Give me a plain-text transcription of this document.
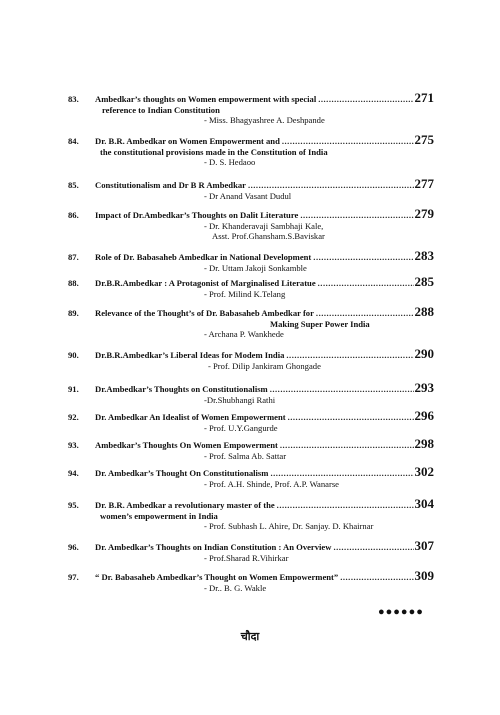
83.	Ambedkar’s thoughts on Women empowerment with special .....	271
reference to Indian Constitution
- Miss. Bhagyashree A. Deshpande
84.	Dr. B.R. Ambedkar on Women Empowerment and .....	275
the constitutional provisions made in the Constitution of India
- D. S. Hedaoo
85.	Constitutionalism and Dr B R Ambedkar .....	277
- Dr Anand Vasant Dudul
86.	Impact of Dr.Ambedkar’s Thoughts on Dalit Literature .....	279
- Dr. Khanderavaji Sambhaji Kale,
Asst. Prof.Ghansham.S.Baviskar
87.	Role of Dr. Babasaheb Ambedkar in National Development .....	283
- Dr. Uttam Jakoji Sonkamble
88.	Dr.B.R.Ambedkar : A Protagonist of Marginalised Literatue .....	285
- Prof. Milind K.Telang
89.	Relevance of the Thought’s of Dr. Babasaheb Ambedkar for .....	288
Making Super Power India
- Archana P. Wankhede
90.	Dr.B.R.Ambedkar’s Liberal Ideas for Modem India .....	290
- Prof. Dilip Jankiram Ghongade
91.	Dr.Ambedkar’s Thoughts on Constitutionalism .....	293
-Dr.Shubhangi Rathi
92.	Dr. Ambedkar An Idealist of Women Empowerment .....	296
- Prof. U.Y.Gangurde
93.	Ambedkar’s Thoughts On Women Empowerment .....	298
- Prof. Salma Ab. Sattar
94.	Dr. Ambedkar’s Thought On Constitutionalism .....	302
- Prof. A.H. Shinde, Prof. A.P. Wanarse
95.	Dr. B.R. Ambedkar a revolutionary master of the .....	304
women’s empowerment in India
- Prof. Subhash L. Ahire, Dr. Sanjay. D. Khairnar
96.	Dr. Ambedkar’s Thoughts on Indian Constitution : An Overview .....	307
- Prof.Sharad R.Vihirkar
97.	“ Dr. Babasaheb Ambedkar’s Thought on Women Empowerment” .....	309
- Dr.. B. G. Wakle
●●●●●●
चौदा
